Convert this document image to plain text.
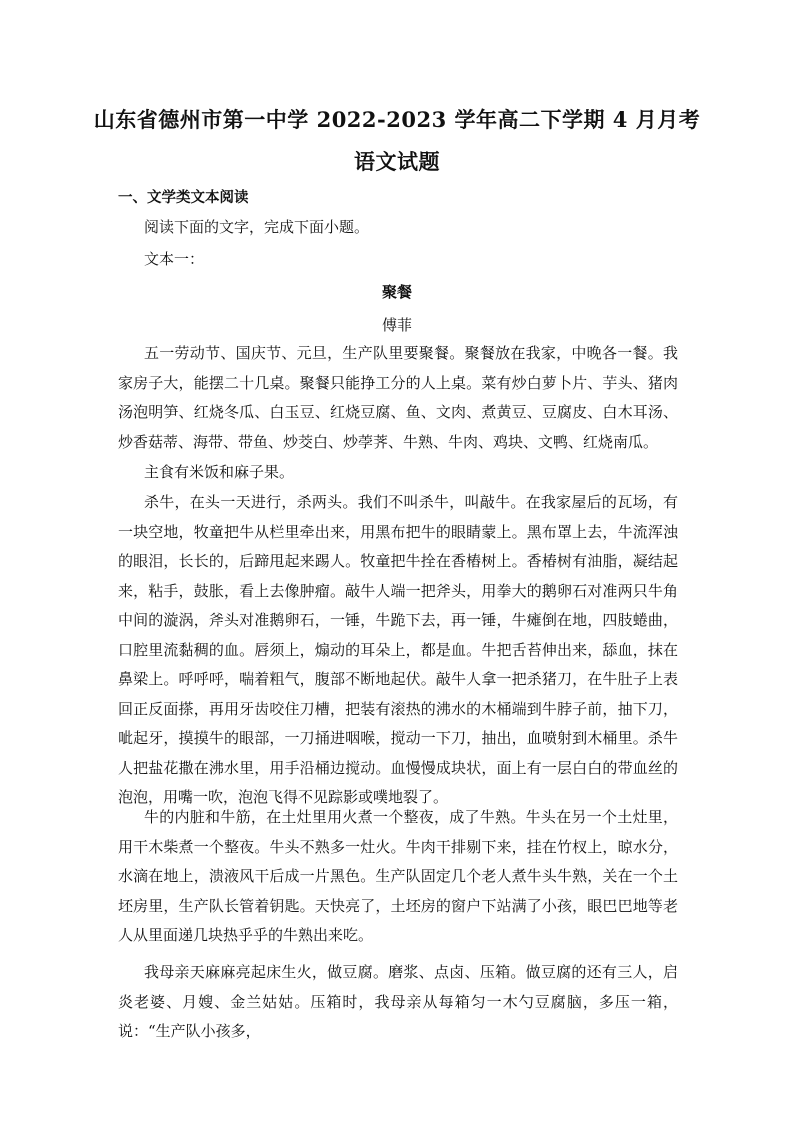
山东省德州市第一中学 2022-2023 学年高二下学期 4 月月考
语文试题
一、文学类文本阅读
阅读下面的文字，完成下面小题。
文本一：
聚餐
傅菲
五一劳动节、国庆节、元旦，生产队里要聚餐。聚餐放在我家，中晚各一餐。我家房子大，能摆二十几桌。聚餐只能挣工分的人上桌。菜有炒白萝卜片、芋头、猪肉汤泡明笋、红烧冬瓜、白玉豆、红烧豆腐、鱼、文肉、煮黄豆、豆腐皮、白木耳汤、炒香菇蒂、海带、带鱼、炒茭白、炒荸荠、牛熟、牛肉、鸡块、文鸭、红烧南瓜。
主食有米饭和麻子果。
杀牛，在头一天进行，杀两头。我们不叫杀牛，叫敲牛。在我家屋后的瓦场，有一块空地，牧童把牛从栏里牵出来，用黑布把牛的眼睛蒙上。黑布罩上去，牛流浑浊的眼泪，长长的，后蹄甩起来踢人。牧童把牛拴在香樁树上。香椿树有油脂，凝结起来，粘手，鼓胀，看上去像肿瘤。敲牛人端一把斧头，用拳大的鹅卵石对准两只牛角中间的漩涡，斧头对准鹅卵石，一锤，牛跪下去，再一锤，牛瘫倒在地，四肢蜷曲，口腔里流黏稠的血。唇须上，煽动的耳朵上，都是血。牛把舌苔伸出来，舔血，抹在鼻梁上。呼呼呼，喘着粗气，腹部不断地起伏。敲牛人拿一把杀猪刀，在牛肚子上表回正反面搽，再用牙齿咬住刀槽，把装有滚热的沸水的木桶端到牛脖子前，抽下刀，呲起牙，摸摸牛的眼部，一刀捅进咽喉，搅动一下刀，抽出，血喷射到木桶里。杀牛人把盐花撒在沸水里，用手沿桶边搅动。血慢慢成块状，面上有一层白白的带血丝的泡泡，用嘴一吹，泡泡飞得不见踪影或噗地裂了。
牛的内脏和牛筋，在土灶里用火煮一个整夜，成了牛熟。牛头在另一个土灶里，用干木柴煮一个整夜。牛头不熟多一灶火。牛肉干排剔下来，挂在竹杈上，晾水分，水滴在地上，溃液风干后成一片黑色。生产队固定几个老人煮牛头牛熟，关在一个土坯房里，生产队长管着钥匙。天快亮了，土坯房的窗户下站满了小孩，眼巴巴地等老人从里面递几块热乎乎的牛熟出来吃。
我母亲天麻麻亮起床生火，做豆腐。磨浆、点卤、压箱。做豆腐的还有三人，启炎老婆、月嫂、金兰姑姑。压箱时，我母亲从每箱匀一木勺豆腐脑，多压一箱，说：“生产队小孩多，
